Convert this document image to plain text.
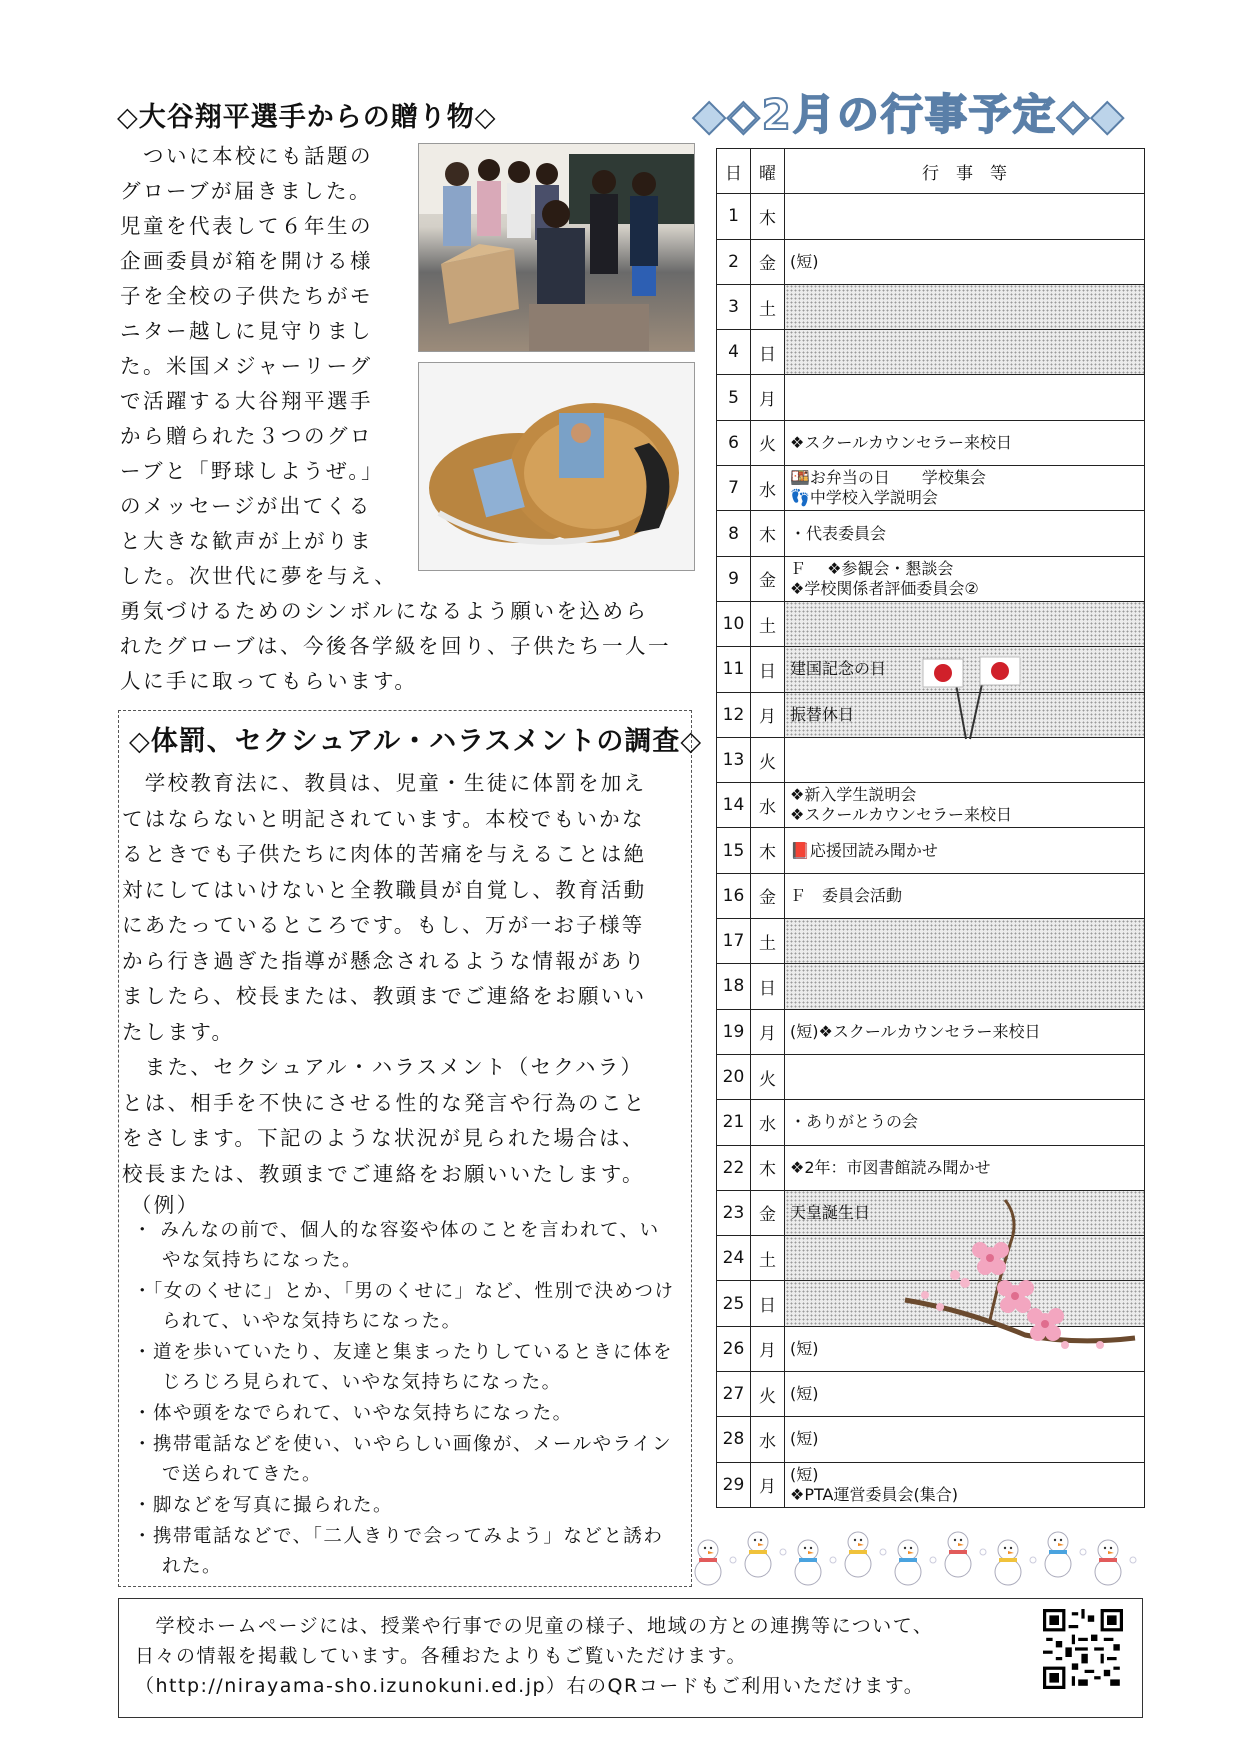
◇大谷翔平選手からの贈り物◇

　ついに本校にも話題の

グローブが届きました。

児童を代表して６年生の

企画委員が箱を開ける様

子を全校の子供たちがモ

ニター越しに見守りまし

た。米国メジャーリーグ

で活躍する大谷翔平選手

から贈られた３つのグロ

ーブと「野球しようぜ。」

のメッセージが出てくる

と大きな歓声が上がりま

した。次世代に夢を与え、

勇気づけるためのシンボルになるよう願いを込めら

れたグローブは、今後各学級を回り、子供たち一人一

人に手に取ってもらいます。

◇体罰、セクシュアル・ハラスメントの調査◇

　学校教育法に、教員は、児童・生徒に体罰を加え

てはならないと明記されています。本校でもいかな

るときでも子供たちに肉体的苦痛を与えることは絶

対にしてはいけないと全教職員が自覚し、教育活動

にあたっているところです。もし、万が一お子様等

から行き過ぎた指導が懸念されるような情報があり

ましたら、校長または、教頭までご連絡をお願いい

たします。

　また、セクシュアル・ハラスメント（セクハラ）

とは、相手を不快にさせる性的な発言や行為のこと

をさします。下記のような状況が見られた場合は、

校長または、教頭までご連絡をお願いいたします。

（例）

・ みんなの前で、個人的な容姿や体のことを言われて、いやな気持ちになった。

・「女のくせに」とか、「男のくせに」など、性別で決めつけられて、いやな気持ちになった。

・道を歩いていたり、友達と集まったりしているときに体をじろじろ見られて、いやな気持ちになった。

・体や頭をなでられて、いやな気持ちになった。

・携帯電話などを使い、いやらしい画像が、メールやラインで送られてきた。

・脚などを写真に撮られた。

・携帯電話などで、「二人きりで会ってみよう」などと誘われた。

◆◇2月の行事予定◇◆
日	曜	行　事　等
1	木	
2	金	(短)
3	土	
4	日	
5	月	
6	火	❖スクールカウンセラー来校日
7	水	🍱お弁当の日　　学校集会
👣中学校入学説明会
8	木	・代表委員会
9	金	Ｆ　 ❖参観会・懇談会
❖学校関係者評価委員会②
10	土	
11	日	建国記念の日
12	月	振替休日
13	火	
14	水	❖新入学生説明会
❖スクールカウンセラー来校日
15	木	📕応援団読み聞かせ
16	金	Ｆ　委員会活動
17	土	
18	日	
19	月	(短)❖スクールカウンセラー来校日
20	火	
21	水	・ありがとうの会
22	木	❖2年：市図書館読み聞かせ
23	金	天皇誕生日
24	土	
25	日	
26	月	(短)
27	火	(短)
28	水	(短)
29	月	(短)
❖PTA運営委員会(集合)

　学校ホームページには、授業や行事での児童の様子、地域の方との連携等について、

日々の情報を掲載しています。各種おたよりもご覧いただけます。

（http://nirayama-sho.izunokuni.ed.jp）右のQRコードもご利用いただけます。
